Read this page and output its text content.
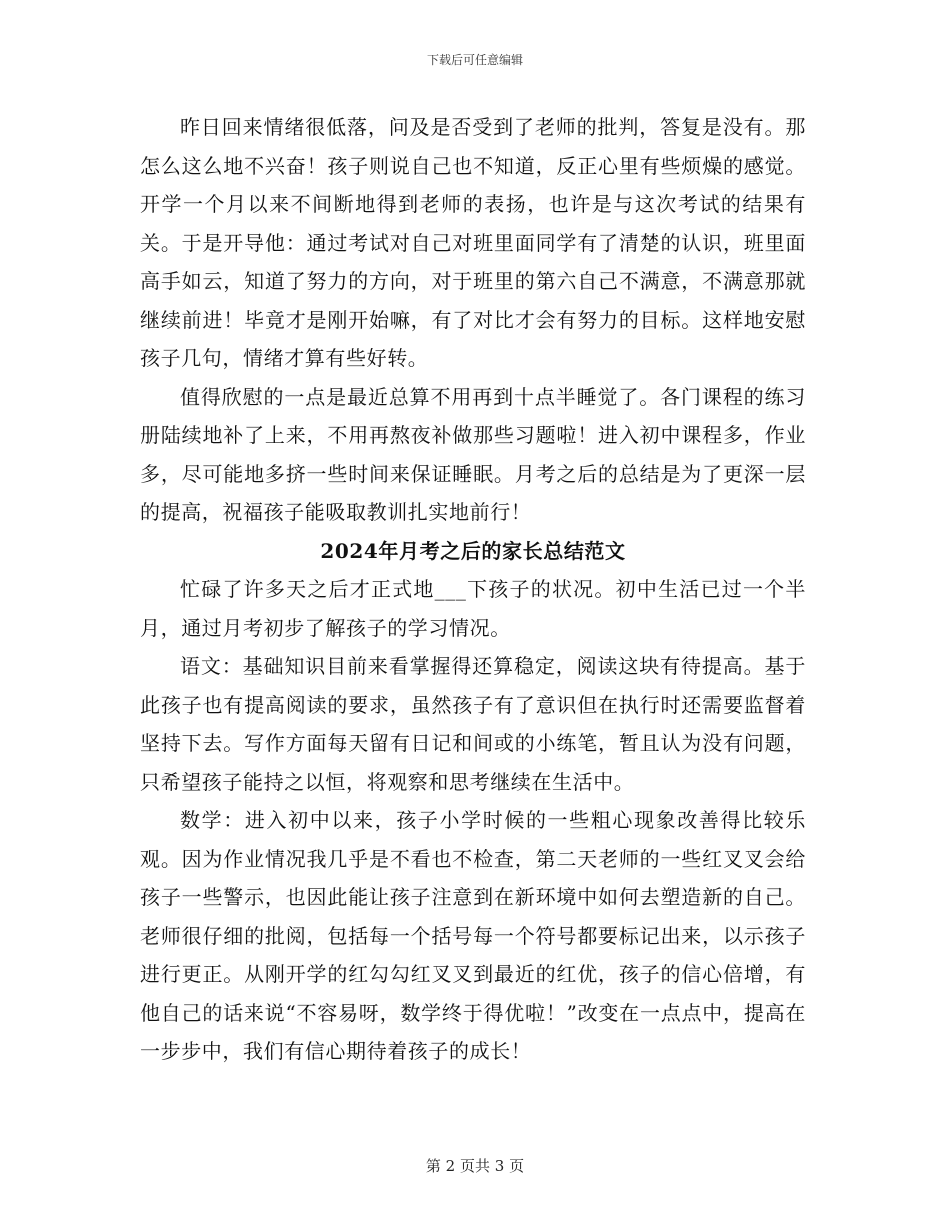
下载后可任意编辑

昨日回来情绪很低落，问及是否受到了老师的批判，答复是没有。那怎么这么地不兴奋！孩子则说自己也不知道，反正心里有些烦燥的感觉。开学一个月以来不间断地得到老师的表扬，也许是与这次考试的结果有关。于是开导他：通过考试对自己对班里面同学有了清楚的认识，班里面高手如云，知道了努力的方向，对于班里的第六自己不满意，不满意那就继续前进！毕竟才是刚开始嘛，有了对比才会有努力的目标。这样地安慰孩子几句，情绪才算有些好转。

值得欣慰的一点是最近总算不用再到十点半睡觉了。各门课程的练习册陆续地补了上来，不用再熬夜补做那些习题啦！进入初中课程多，作业多，尽可能地多挤一些时间来保证睡眠。月考之后的总结是为了更深一层的提高，祝福孩子能吸取教训扎实地前行！

2024年月考之后的家长总结范文

忙碌了许多天之后才正式地___下孩子的状况。初中生活已过一个半月，通过月考初步了解孩子的学习情况。

语文：基础知识目前来看掌握得还算稳定，阅读这块有待提高。基于此孩子也有提高阅读的要求，虽然孩子有了意识但在执行时还需要监督着坚持下去。写作方面每天留有日记和间或的小练笔，暂且认为没有问题，只希望孩子能持之以恒，将观察和思考继续在生活中。

数学：进入初中以来，孩子小学时候的一些粗心现象改善得比较乐观。因为作业情况我几乎是不看也不检查，第二天老师的一些红叉叉会给孩子一些警示，也因此能让孩子注意到在新环境中如何去塑造新的自己。老师很仔细的批阅，包括每一个括号每一个符号都要标记出来，以示孩子进行更正。从刚开学的红勾勾红叉叉到最近的红优，孩子的信心倍增，有他自己的话来说“不容易呀，数学终于得优啦！”改变在一点点中，提高在一步步中，我们有信心期待着孩子的成长！

第 2 页共 3 页
